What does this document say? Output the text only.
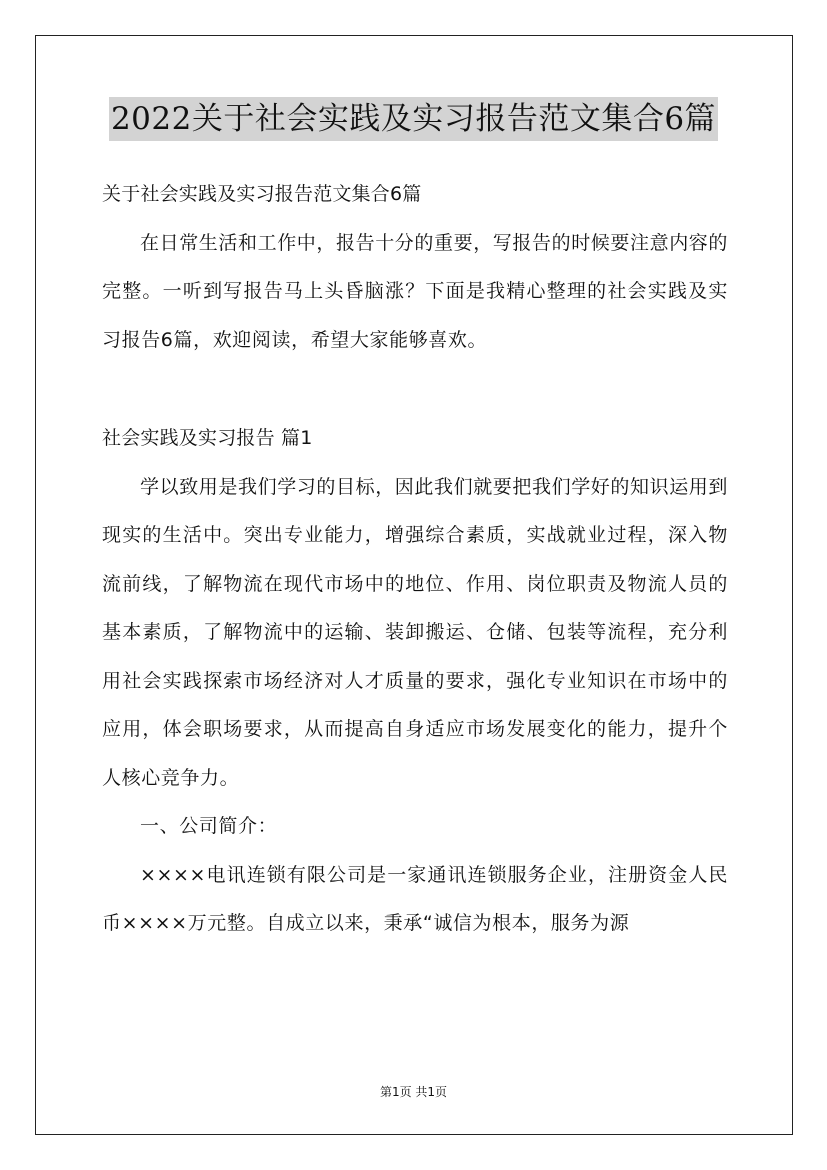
2022关于社会实践及实习报告范文集合6篇

关于社会实践及实习报告范文集合6篇

在日常生活和工作中，报告十分的重要，写报告的时候要注意内容的完整。一听到写报告马上头昏脑涨？下面是我精心整理的社会实践及实习报告6篇，欢迎阅读，希望大家能够喜欢。

社会实践及实习报告 篇1

学以致用是我们学习的目标，因此我们就要把我们学好的知识运用到现实的生活中。突出专业能力，增强综合素质，实战就业过程，深入物流前线，了解物流在现代市场中的地位、作用、岗位职责及物流人员的基本素质，了解物流中的运输、装卸搬运、仓储、包装等流程，充分利用社会实践探索市场经济对人才质量的要求，强化专业知识在市场中的应用，体会职场要求，从而提高自身适应市场发展变化的能力，提升个人核心竞争力。

一、公司简介：

××××电讯连锁有限公司是一家通讯连锁服务企业，注册资金人民币××××万元整。自成立以来，秉承“诚信为根本，服务为源

第1页 共1页
